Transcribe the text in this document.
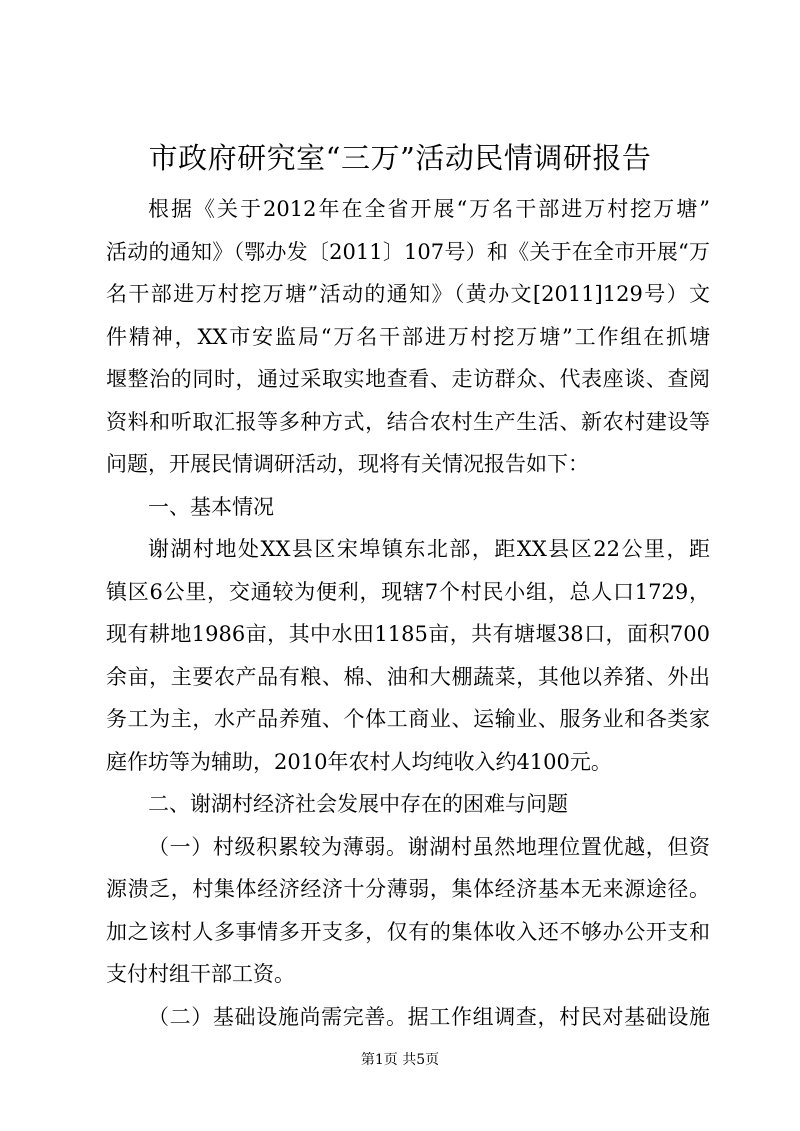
市政府研究室“三万”活动民情调研报告
根据《关于2012年在全省开展“万名干部进万村挖万塘”
活动的通知》（鄂办发〔2011〕107号）和《关于在全市开展“万
名干部进万村挖万塘”活动的通知》（黄办文[2011]129号）文
件精神，XX市安监局“万名干部进万村挖万塘”工作组在抓塘
堰整治的同时，通过采取实地查看、走访群众、代表座谈、查阅
资料和听取汇报等多种方式，结合农村生产生活、新农村建设等
问题，开展民情调研活动，现将有关情况报告如下：
一、基本情况
谢湖村地处XX县区宋埠镇东北部，距XX县区22公里，距
镇区6公里，交通较为便利，现辖7个村民小组，总人口1729，
现有耕地1986亩，其中水田1185亩，共有塘堰38口，面积700
余亩，主要农产品有粮、棉、油和大棚蔬菜，其他以养猪、外出
务工为主，水产品养殖、个体工商业、运输业、服务业和各类家
庭作坊等为辅助，2010年农村人均纯收入约4100元。
二、谢湖村经济社会发展中存在的困难与问题
（一）村级积累较为薄弱。谢湖村虽然地理位置优越，但资
源溃乏，村集体经济经济十分薄弱，集体经济基本无来源途径。
加之该村人多事情多开支多，仅有的集体收入还不够办公开支和
支付村组干部工资。
（二）基础设施尚需完善。据工作组调查，村民对基础设施
第1页 共5页
